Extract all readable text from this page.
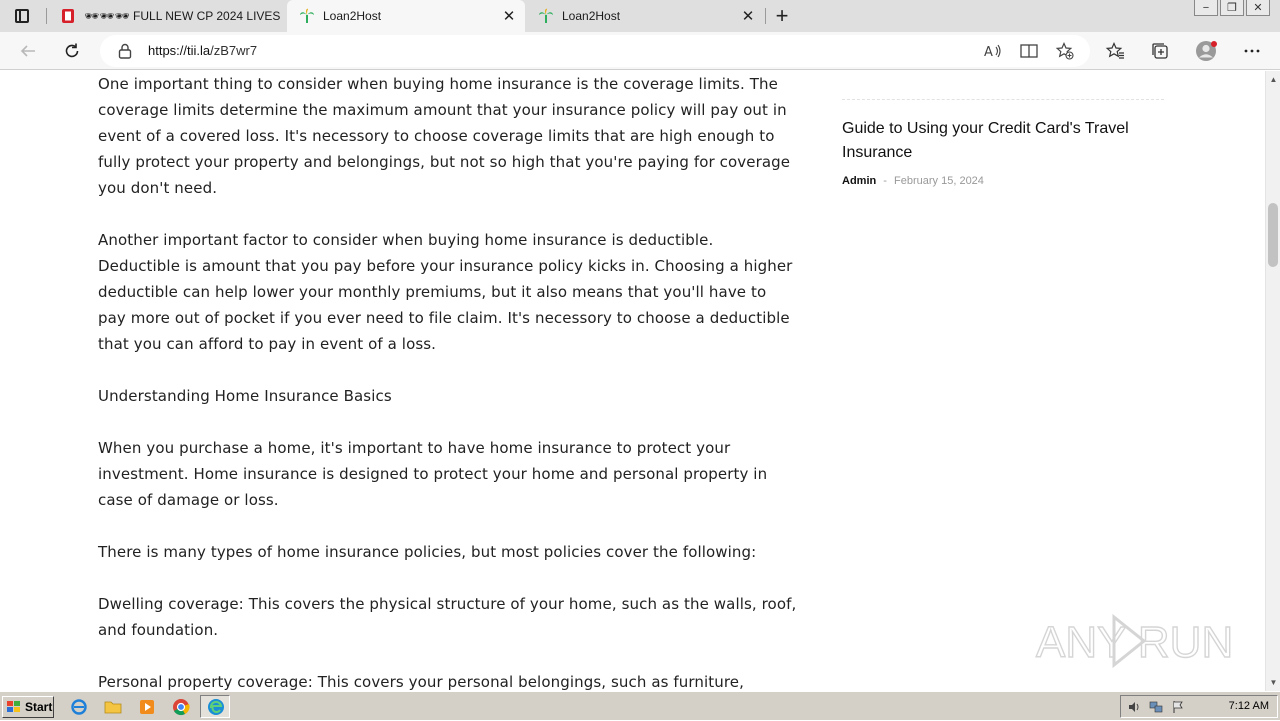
🕶🕶🕶 FULL NEW CP 2024 LIVES	Loan2Host	✕	Loan2Host	✕ +	−	❐	✕
https://tii.la/zB7wr7	A

One important thing to consider when buying home insurance is the coverage limits. The coverage limits determine the maximum amount that your insurance policy will pay out in event of a covered loss. It's necessory to choose coverage limits that are high enough to fully protect your property and belongings, but not so high that you're paying for coverage you don't need.

Another important factor to consider when buying home insurance is deductible. Deductible is amount that you pay before your insurance policy kicks in. Choosing a higher deductible can help lower your monthly premiums, but it also means that you'll have to pay more out of pocket if you ever need to file claim. It's necessory to choose a deductible that you can afford to pay in event of a loss.

Understanding Home Insurance Basics

When you purchase a home, it's important to have home insurance to protect your investment. Home insurance is designed to protect your home and personal property in case of damage or loss.

There is many types of home insurance policies, but most policies cover the following:

Dwelling coverage: This covers the physical structure of your home, such as the walls, roof, and foundation.

Personal property coverage: This covers your personal belongings, such as furniture,

Guide to Using your Credit Card's Travel Insurance
Admin - February 15, 2024
ANY RUN
▲
▼
Start	7:12 AM
